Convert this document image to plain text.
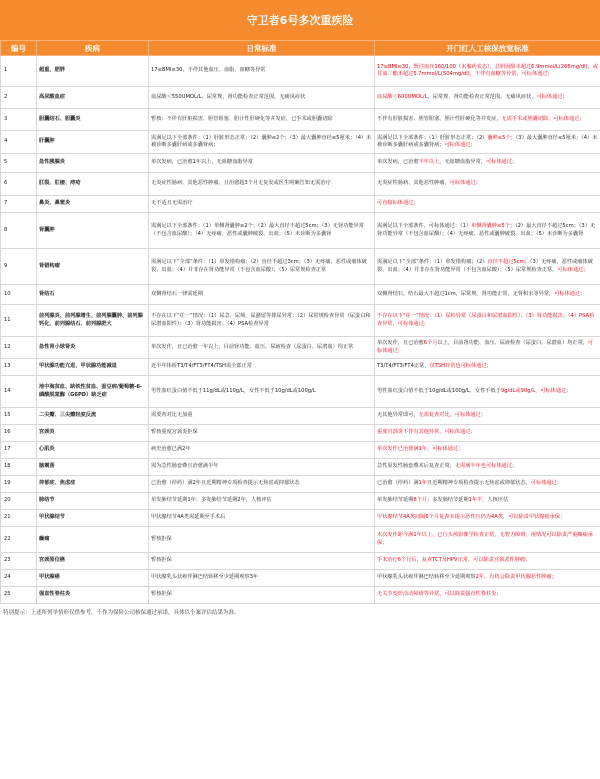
守卫者6号多次重疾险
编号	疾病	日常标准	开门红人工核保放宽标准
1	超重、肥胖	17≤BMI≤30，不伴其他血压、血脂、血糖等异常	17≤BMI≤30，既往血压160/100（未服药状态），总胆固醇未超过6.9mmol/L(266mg/dl)，或甘油三酯未超过5.7mmol/L(504mg/dl)，不伴有血糖等异常，可标体通过；
2	高尿酸血症	血尿酸＜550UMOL/L，尿常规、肾功能检查正常范围，无痛风症状	血尿酸＜600UMOL/L，尿常规、肾功能检查正常范围，无痛风症状，可标体通过；
3	胆囊结石、胆囊炎	暂核：不伴有肝脏损害、胆管阻塞、胆汁性肝硬化等并发症，已手术或胆囊切除	不伴有肝脏损害、胆管阻塞、胆汁性肝硬化等并发症，无需手术或胆囊切除，可标体通过；
4	肝囊肿	需满足以下全部条件：（1）肝脏形态正常；（2）囊肿≤2个；（3）最大囊肿直径≤5厘米；（4）未被诊断多囊肝病或多囊肾病；	需满足以下全部条件：（1）肝脏形态正常；（2）囊肿≤5个；（3）最大囊肿直径≤5厘米；（4）未被诊断多囊肝病或多囊肾病；可标体通过；
5	急性胰腺炎	单次发病，已治愈1年以上，无血糖血脂异常	单次发病，已治愈半年以上，无血糖血脂异常，可标体通过；
6	肛裂、肛瘘、痔疮	无炎症性肠病、其他恶性肿瘤，且治愈超3个月无复发或医生明确告知无需治疗	无炎症性肠病、其他恶性肿瘤，可标体通过；
7	鼻炎、鼻窦炎	无不适且无需治疗	可直接标体通过；
8	肾囊肿	需满足以下全部条件：（1）单侧肾囊肿≤2个；（2）最大直径不超过5cm；（3）无肾功能异常（不包含血尿酸）；（4）无疼痛、恶性或囊肿破裂、出血；（5）未诊断为多囊肾	需满足以下全部条件，可标体通过：（1）单侧肾囊肿≤5个；（2）最大直径不超过5cm；（3）无肾功能异常（不包含血尿酸）；（4）无疼痛、恶性或囊肿破裂、出血；（5）未诊断为多囊肾
9	肾错构瘤	需满足以下“全部”条件：（1）单发错构瘤；（2）直径不超过3cm；（3）无疼痛、恶性或瘤体破裂、出血；（4）并非存在肾功能异常（不包含血尿酸）；（5）尿常规检查正常	需满足以下“全部”条件：（1）单发错构瘤；（2）直径不超过5cm；（3）无疼痛、恶性或瘤体破裂、出血；（4）并非存在肾功能异常（不包含血尿酸）；（5）尿常规检查正常，可标体通过；
10	肾结石	双侧肾结石一律需延期	双侧肾结石，结石最大不超过1cm，尿常规、肾功能正常，无肾积水等异常，可标体通过；
11	前列腺炎、前列腺增生、前列腺囊肿、前列腺钙化、前列腺结石、前列腺肥大	不存在以下“任一”情况：（1）尿急、尿频、尿潴留等排尿异常；（2）尿常规检查异常（尿蛋白和尿潜血阳性）；（3）肾功能损害；（4）PSA检查异常	不存在以下“任一”情况：（1）尿检异常（尿蛋白和尿潜血阳性）；（3）肾功能损害；（4）PSA检查异常，可标体通过；
12	急性肾小球肾炎	单次发作，且已治愈一年以上，目前肾功能、血压、尿液检查（尿蛋白、尿潜血）均正常	单次发作，且已治愈6个月以上，目前肾功能、血压、尿液检查（尿蛋白、尿潜血）均正常，可标体通过；
13	甲状腺功能亢进、甲状腺功能减退	近半年体检T3/T4/FT3/FT4/TSH需全部正常	T3/T4/FT3/FT4正常，仅TSH异常也可标体通过；
14	地中海贫血、缺铁性贫血、蚕豆病/葡萄糖-6-磷酸脱氢酶（G6PD）缺乏症	男性血红蛋白值不低于11g/dL或110g/L，女性不低于10g/dL或100g/L	男性血红蛋白值不低于10g/dL或100g/L，女性不低于9g/dL或90g/L，可标体通过；
15	二尖瓣、三尖瓣轻度反流	需要查对比无加重	无其他异常即可，无需复查对比，可标体通过；
16	宫颈炎	暂核重度宫颈炎拒保	重度宫颈炎不伴有其他异常，可标体通过；
17	心肌炎	病史治愈已满2年	单次发作已治愈满1年，可标体通过；
18	脑震荡	需为急性肠套叠且治愈满半年	急性原发性肠套叠术后复查正常，无需满半年也可标体通过；
19	抑郁症、焦虑症	已治愈（停药）满2年且近期精神专项检查提示无焦虑或抑郁状态	已治愈（停药）满1年且近期精神专项检查提示无焦虑或抑郁状态，可标体通过；
20	肺结节	单发肺结节延期1年；多发肺结节延期2年，人核评估	单发肺结节延期8个月；多发肺结节延期1年半，人核评估
21	甲状腺结节	甲状腺结节4A类需延期至手术后	甲状腺结节4A类间隔6个月复查未提示恶性且仍为4A类，可以除责甲状腺癌承保；
22	癫痫	暂核拒保	末次发作距今满1年以上，已行头颅影像学检查正常，无智力障碍，视情况可以除责严重癫痫承保；
23	宫颈原位癌	暂核拒保	手术治疗6个月后，复查TCT及HPV正常，可以除责宫颈恶性肿瘤；
24	甲状腺癌	甲状腺乳头状癌伴淋巴结转移至少延期观察3年	甲状腺乳头状癌伴淋巴结转移至少延期观察2年，有机会除责甲状腺恶性肿瘤；
25	强直性脊柱炎	暂核拒保	无关节变形活动障碍等异常，可以除责强直性脊柱炎；
特别提示：上述所列举情形仅供参考，不作为保险公司核保通过承诺，具体以个案评估结果为准。
